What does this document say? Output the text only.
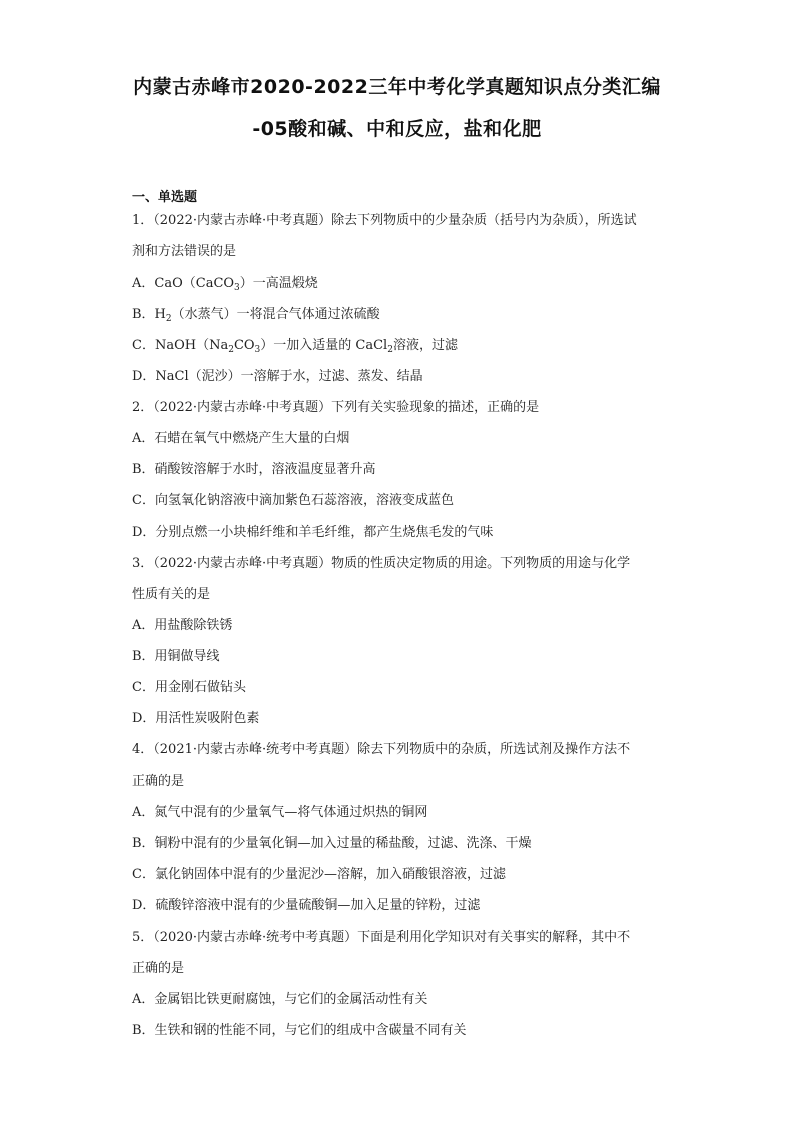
内蒙古赤峰市2020-2022三年中考化学真题知识点分类汇编
-05酸和碱、中和反应，盐和化肥
一、单选题
1．（2022·内蒙古赤峰·中考真题）除去下列物质中的少量杂质（括号内为杂质），所选试
剂和方法错误的是
A．CaO（CaCO$_3$）一高温煅烧
B．$H_2$（水蒸气）一将混合气体通过浓硫酸
C．$NaOH(Na_2CO_3)$一加入适量的 CaCl$_2$溶液，过滤
D．NaCl（泥沙）一溶解于水，过滤、蒸发、结晶
2．（2022·内蒙古赤峰·中考真题）下列有关实验现象的描述，正确的是
A．石蜡在氧气中燃烧产生大量的白烟
B．硝酸铵溶解于水时，溶液温度显著升高
C．向氢氧化钠溶液中滴加紫色石蕊溶液，溶液变成蓝色
D．分别点燃一小块棉纤维和羊毛纤维，都产生烧焦毛发的气味
3．（2022·内蒙古赤峰·中考真题）物质的性质决定物质的用途。下列物质的用途与化学
性质有关的是
A．用盐酸除铁锈
B．用铜做导线
C．用金刚石做钻头
D．用活性炭吸附色素
4．（2021·内蒙古赤峰·统考中考真题）除去下列物质中的杂质，所选试剂及操作方法不
正确的是
A．氮气中混有的少量氧气—将气体通过炽热的铜网
B．铜粉中混有的少量氧化铜—加入过量的稀盐酸，过滤、洗涤、干燥
C．氯化钠固体中混有的少量泥沙—溶解，加入硝酸银溶液，过滤
D．硫酸锌溶液中混有的少量硫酸铜—加入足量的锌粉，过滤
5．（2020·内蒙古赤峰·统考中考真题）下面是利用化学知识对有关事实的解释，其中不
正确的是
A．金属铝比铁更耐腐蚀，与它们的金属活动性有关
B．生铁和钢的性能不同，与它们的组成中含碳量不同有关
